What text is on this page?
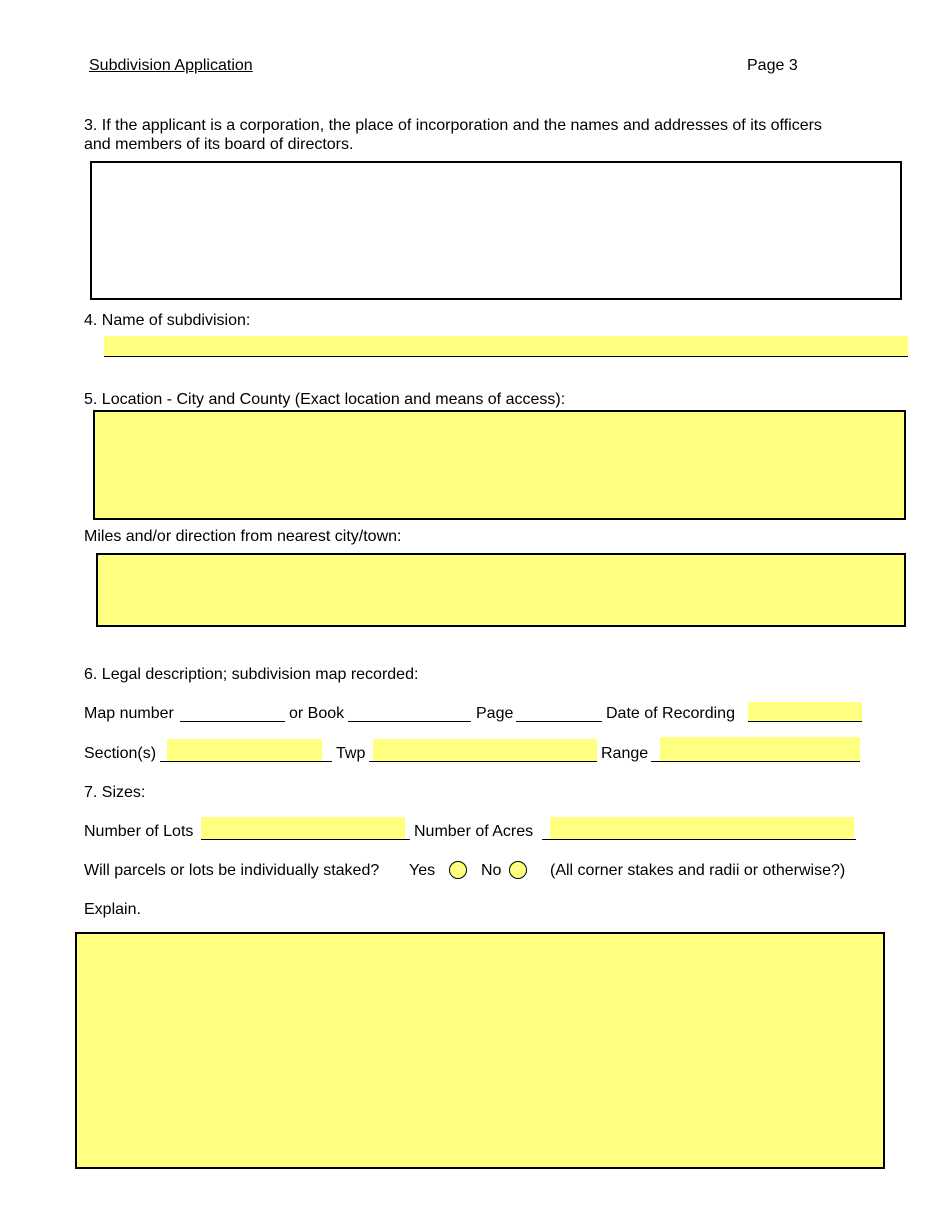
Subdivision Application	Page 3
3. If the applicant is a corporation, the place of incorporation and the names and addresses of its officers and members of its board of directors.
4. Name of subdivision:
5. Location - City and County (Exact location and means of access):
Miles and/or direction from nearest city/town:
6. Legal description; subdivision map recorded:
Map number	or Book	Page	Date of Recording
Section(s)	Twp	Range
7. Sizes:
Number of Lots	Number of Acres
Will parcels or lots be individually staked? Yes	No	(All corner stakes and radii or otherwise?)
Explain.
